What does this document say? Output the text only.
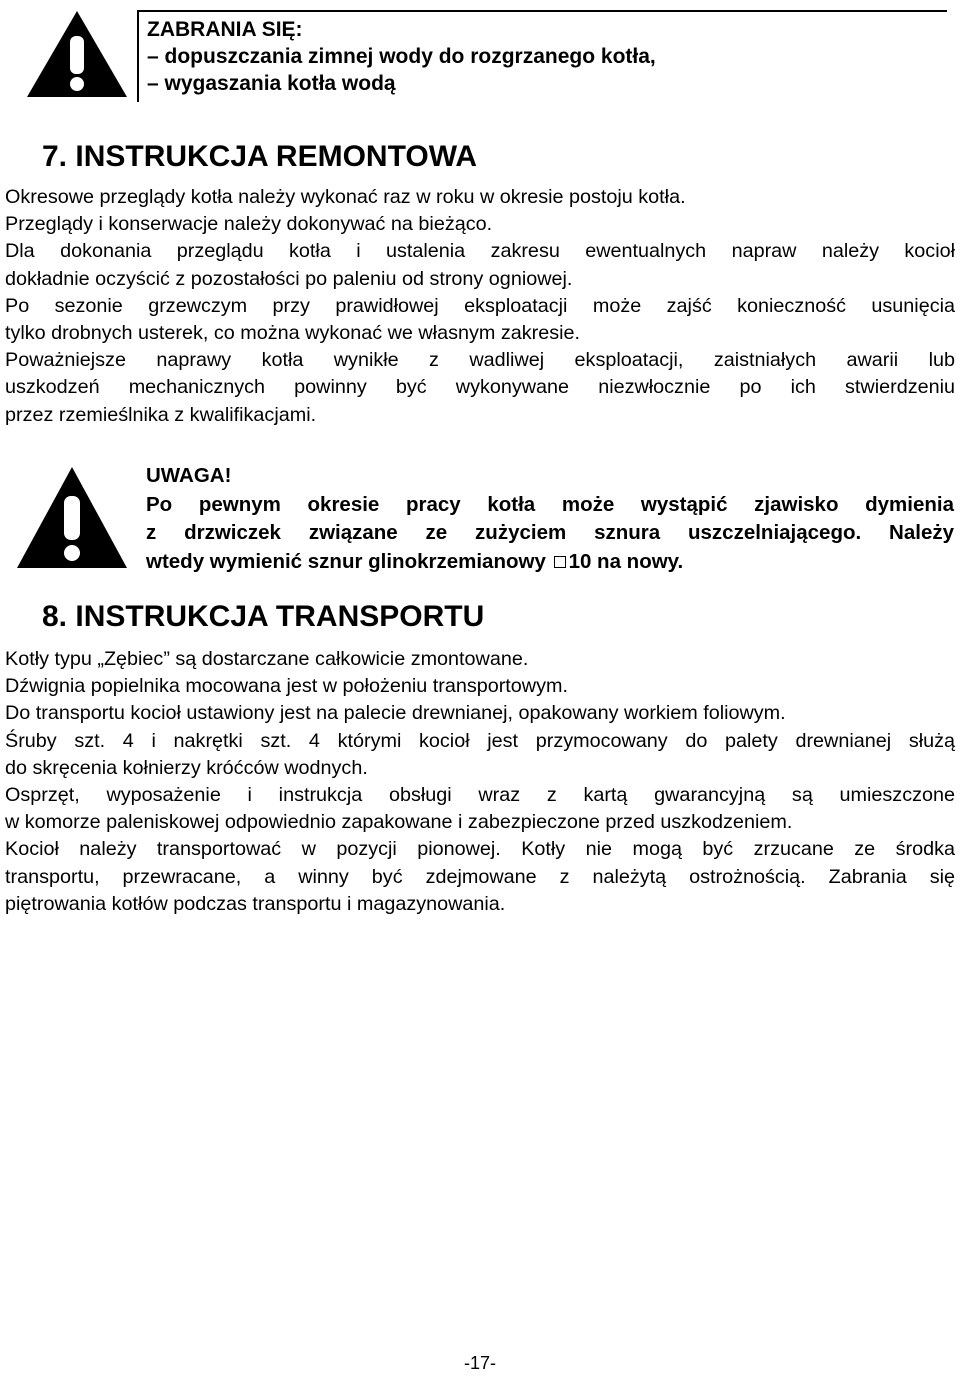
ZABRANIA SIĘ:
– dopuszczania zimnej wody do rozgrzanego kotła,
– wygaszania kotła wodą
7. INSTRUKCJA REMONTOWA
Okresowe przeglądy kotła należy wykonać raz w roku w okresie postoju kotła.
Przeglądy i konserwacje należy dokonywać na bieżąco.
Dla dokonania przeglądu kotła i ustalenia zakresu ewentualnych napraw należy kocioł
dokładnie oczyścić z pozostałości po paleniu od strony ogniowej.
Po sezonie grzewczym przy prawidłowej eksploatacji może zajść konieczność usunięcia
tylko drobnych usterek, co można wykonać we własnym zakresie.
Poważniejsze naprawy kotła wynikłe z wadliwej eksploatacji, zaistniałych awarii lub
uszkodzeń mechanicznych powinny być wykonywane niezwłocznie po ich stwierdzeniu
przez rzemieślnika z kwalifikacjami.
UWAGA!
Po pewnym okresie pracy kotła może wystąpić zjawisko dymienia
z drzwiczek związane ze zużyciem sznura uszczelniającego. Należy
wtedy wymienić sznur glinokrzemianowy 10 na nowy.
8. INSTRUKCJA TRANSPORTU
Kotły typu „Zębiec” są dostarczane całkowicie zmontowane.
Dźwignia popielnika mocowana jest w położeniu transportowym.
Do transportu kocioł ustawiony jest na palecie drewnianej, opakowany workiem foliowym.
Śruby szt. 4 i nakrętki szt. 4 którymi kocioł jest przymocowany do palety drewnianej służą
do skręcenia kołnierzy króćców wodnych.
Osprzęt, wyposażenie i instrukcja obsługi wraz z kartą gwarancyjną są umieszczone
w komorze paleniskowej odpowiednio zapakowane i zabezpieczone przed uszkodzeniem.
Kocioł należy transportować w pozycji pionowej. Kotły nie mogą być zrzucane ze środka
transportu, przewracane, a winny być zdejmowane z należytą ostrożnością. Zabrania się
piętrowania kotłów podczas transportu i magazynowania.
-17-
